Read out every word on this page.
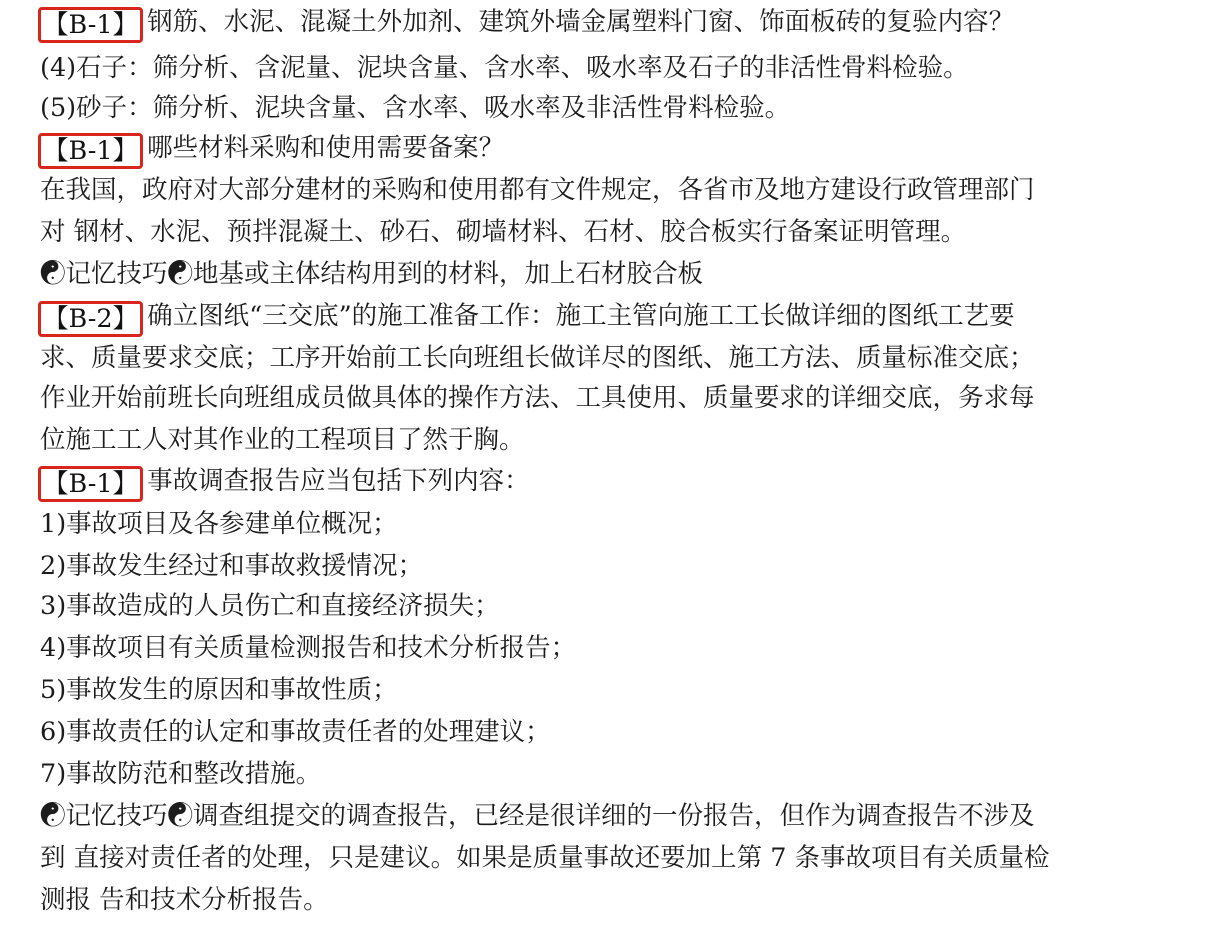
【B-1】 钢筋、水泥、混凝土外加剂、建筑外墙金属塑料门窗、饰面板砖的复验内容？
(4)石子：筛分析、含泥量、泥块含量、含水率、吸水率及石子的非活性骨料检验。
(5)砂子：筛分析、泥块含量、含水率、吸水率及非活性骨料检验。
【B-1】 哪些材料采购和使用需要备案？
在我国，政府对大部分建材的采购和使用都有文件规定，各省市及地方建设行政管理部门
对 钢材、水泥、预拌混凝土、砂石、砌墙材料、石材、胶合板实行备案证明管理。
☯记忆技巧☯地基或主体结构用到的材料，加上石材胶合板
【B-2】 确立图纸“三交底”的施工准备工作：施工主管向施工工长做详细的图纸工艺要
求、质量要求交底；工序开始前工长向班组长做详尽的图纸、施工方法、质量标准交底；
作业开始前班长向班组成员做具体的操作方法、工具使用、质量要求的详细交底，务求每
位施工工人对其作业的工程项目了然于胸。
【B-1】 事故调查报告应当包括下列内容：
1)事故项目及各参建单位概况；
2)事故发生经过和事故救援情况；
3)事故造成的人员伤亡和直接经济损失；
4)事故项目有关质量检测报告和技术分析报告；
5)事故发生的原因和事故性质；
6)事故责任的认定和事故责任者的处理建议；
7)事故防范和整改措施。
☯记忆技巧☯调查组提交的调查报告，已经是很详细的一份报告，但作为调查报告不涉及
到 直接对责任者的处理，只是建议。如果是质量事故还要加上第 7 条事故项目有关质量检
测报 告和技术分析报告。
